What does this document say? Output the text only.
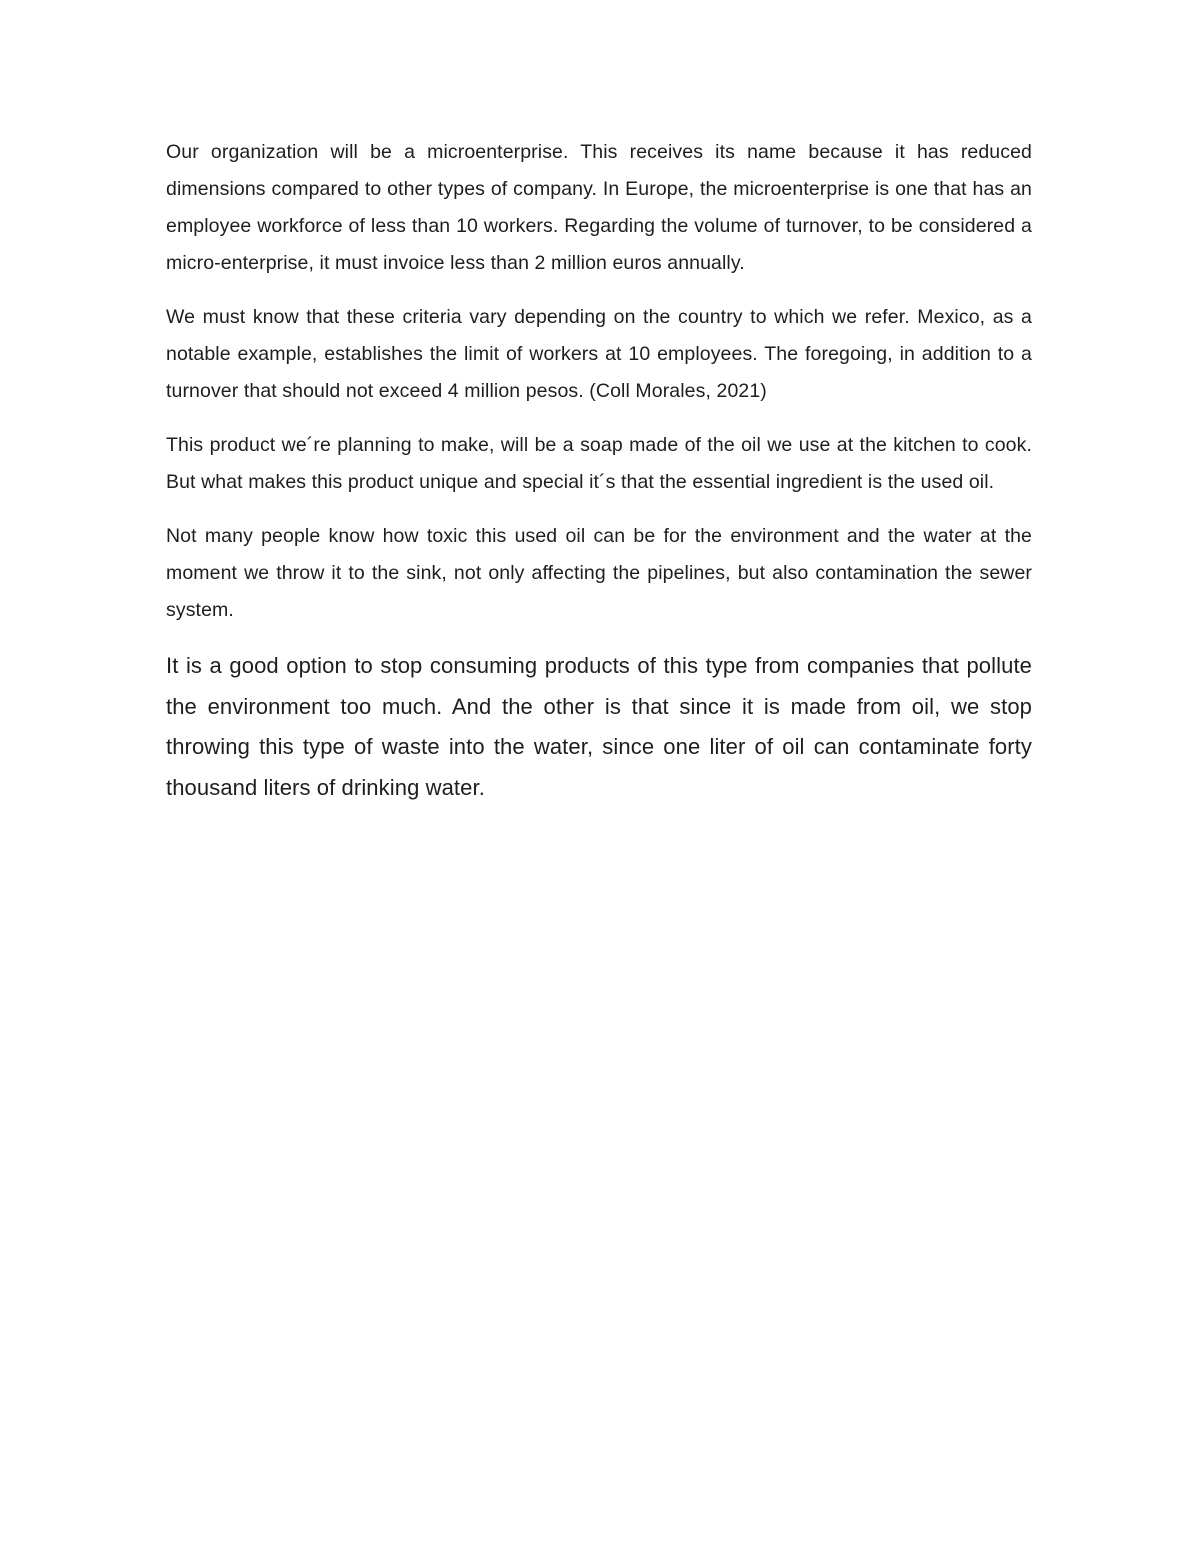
Our organization will be a microenterprise. This receives its name because it has reduced dimensions compared to other types of company. In Europe, the microenterprise is one that has an employee workforce of less than 10 workers. Regarding the volume of turnover, to be considered a micro-enterprise, it must invoice less than 2 million euros annually.

We must know that these criteria vary depending on the country to which we refer. Mexico, as a notable example, establishes the limit of workers at 10 employees. The foregoing, in addition to a turnover that should not exceed 4 million pesos. (Coll Morales, 2021)

This product we´re planning to make, will be a soap made of the oil we use at the kitchen to cook. But what makes this product unique and special it´s that the essential ingredient is the used oil.

Not many people know how toxic this used oil can be for the environment and the water at the moment we throw it to the sink, not only affecting the pipelines, but also contamination the sewer system.

It is a good option to stop consuming products of this type from companies that pollute the environment too much. And the other is that since it is made from oil, we stop throwing this type of waste into the water, since one liter of oil can contaminate forty thousand liters of drinking water.
